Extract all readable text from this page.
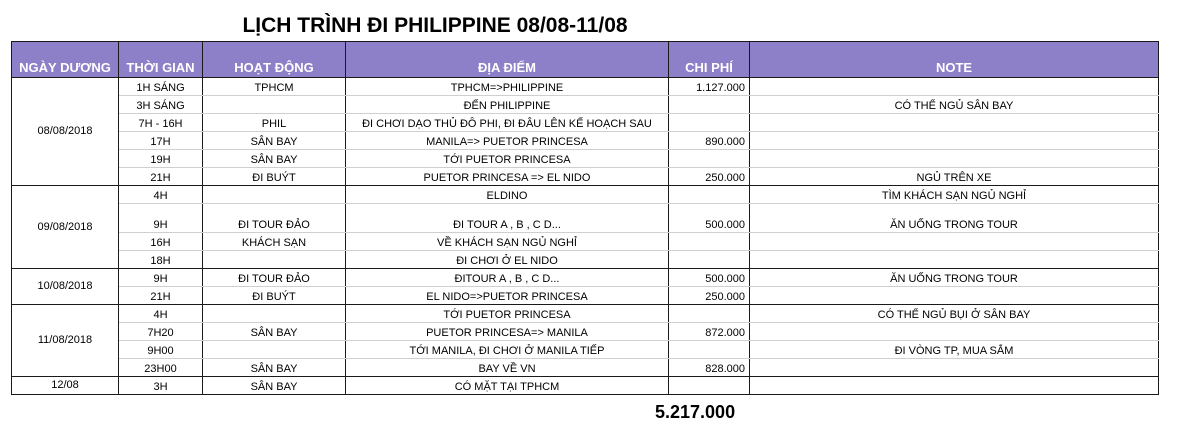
LỊCH TRÌNH ĐI PHILIPPINE 08/08-11/08
NGÀY DƯƠNG	THỜI GIAN	HOẠT ĐỘNG	ĐỊA ĐIỂM	CHI PHÍ	NOTE
08/08/2018	1H SÁNG	TPHCM	TPHCM=>PHILIPPINE	1.127.000	
	3H SÁNG		ĐẾN PHILIPPINE		CÓ THỂ NGỦ SÂN BAY
	7H - 16H	PHIL	ĐI CHƠI DẠO THỦ ĐÔ PHI, ĐI ĐÂU LÊN KẾ HOẠCH SAU		
	17H	SÂN BAY	MANILA=> PUETOR PRINCESA	890.000	
	19H	SÂN BAY	TỚI PUETOR PRINCESA		
	21H	ĐI BUÝT	PUETOR PRINCESA => EL NIDO	250.000	NGỦ TRÊN XE
09/08/2018	4H		ELDINO		TÌM KHÁCH SẠN NGỦ NGHỈ
	9H	ĐI TOUR ĐẢO	ĐI TOUR A , B , C D...	500.000	ĂN UỐNG TRONG TOUR
	16H	KHÁCH SẠN	VỀ KHÁCH SẠN NGỦ NGHỈ		
	18H		ĐI CHƠI Ở EL NIDO		
10/08/2018	9H	ĐI TOUR ĐẢO	ĐITOUR A , B , C D...	500.000	ĂN UỐNG TRONG TOUR
	21H	ĐI BUÝT	EL NIDO=>PUETOR PRINCESA	250.000	
11/08/2018	4H		TỚI PUETOR PRINCESA		CÓ THỂ NGỦ BỤI Ở SÂN BAY
	7H20	SÂN BAY	PUETOR PRINCESA=> MANILA	872.000	
	9H00		TỚI MANILA, ĐI CHƠI Ở MANILA TIẾP		ĐI VÒNG TP, MUA SẮM
	23H00	SÂN BAY	BAY VỀ VN	828.000	
12/08	3H	SÂN BAY	CÓ MẶT TẠI TPHCM		
5.217.000
